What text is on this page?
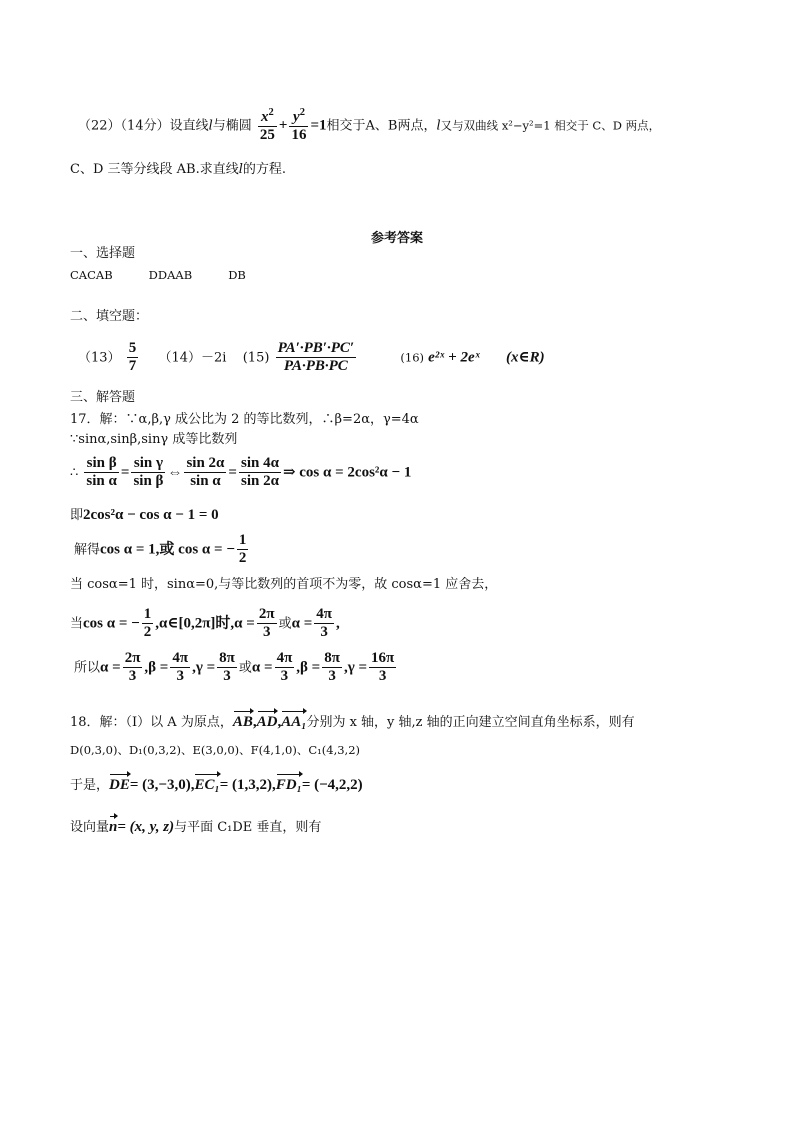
（22）（14分）设直线l与椭圆 $\frac{x^2}{25} + \frac{y^2}{16} =1$相交于A、B两点，l又与双曲线 x²−y²=1 相交于 C、D 两点，
C、D 三等分线段 AB.求直线l的方程.
参考答案
一、选择题
CACAB	DDAAB	DB
二、填空题：
$(13) \frac{5}{7} (14)-2i$ $(15) \frac{PA'\cdot PB'\cdot PC'}{PA\cdot PB\cdot PC}$	(16) e²ˣ + 2eˣ (x∈R)
三、解答题
17．解：∵α,β,γ 成公比为 2 的等比数列，∴β=2α，γ=4α
∵sinα,sinβ,sinγ 成等比数列
∴ $\frac{\text{sin β}}{\text{sin α}} = \frac{\text{sin γ}}{\text{sin β}}$ ⇔ $\frac{\sin 2\alpha}{\text{sin α}} = \frac{\sin 4\alpha}{\sin 2\alpha}$ ⇒ cos α = 2cos²α − 1
即2cos²α − cos α − 1 = 0
解得cos α = 1,或 cos α = − $\frac{1}{2}$
当 cosα=1 时，sinα=0,与等比数列的首项不为零，故 cosα=1 应舍去，
当cos α = − $\frac{1}{2}$ ,α∈[0,2π]时$,\alpha = \frac{2\pi}{3}$ 或$\alpha = \frac{4\pi}{3}$ ,
所以$\alpha = \frac{2\pi}{3} ,\beta = \frac{4\pi}{3} ,\gamma = \frac{8\pi}{3}$ 或$\alpha = \frac{4\pi}{3} ,\beta = \frac{8\pi}{3} ,\gamma = \frac{16\pi}{3}$
18．解：（I）以 A 为原点，AB,AD,AA₁分别为 x 轴，y 轴,z 轴的正向建立空间直角坐标系，则有
D(0,3,0)、D₁(0,3,2)、E(3,0,0)、F(4,1,0)、C₁(4,3,2)
于是，DE= (3,−3,0),EC₁= (1,3,2),FD₁= (−4,2,2)
设向量n= (x, y, z)与平面 C₁DE 垂直，则有
